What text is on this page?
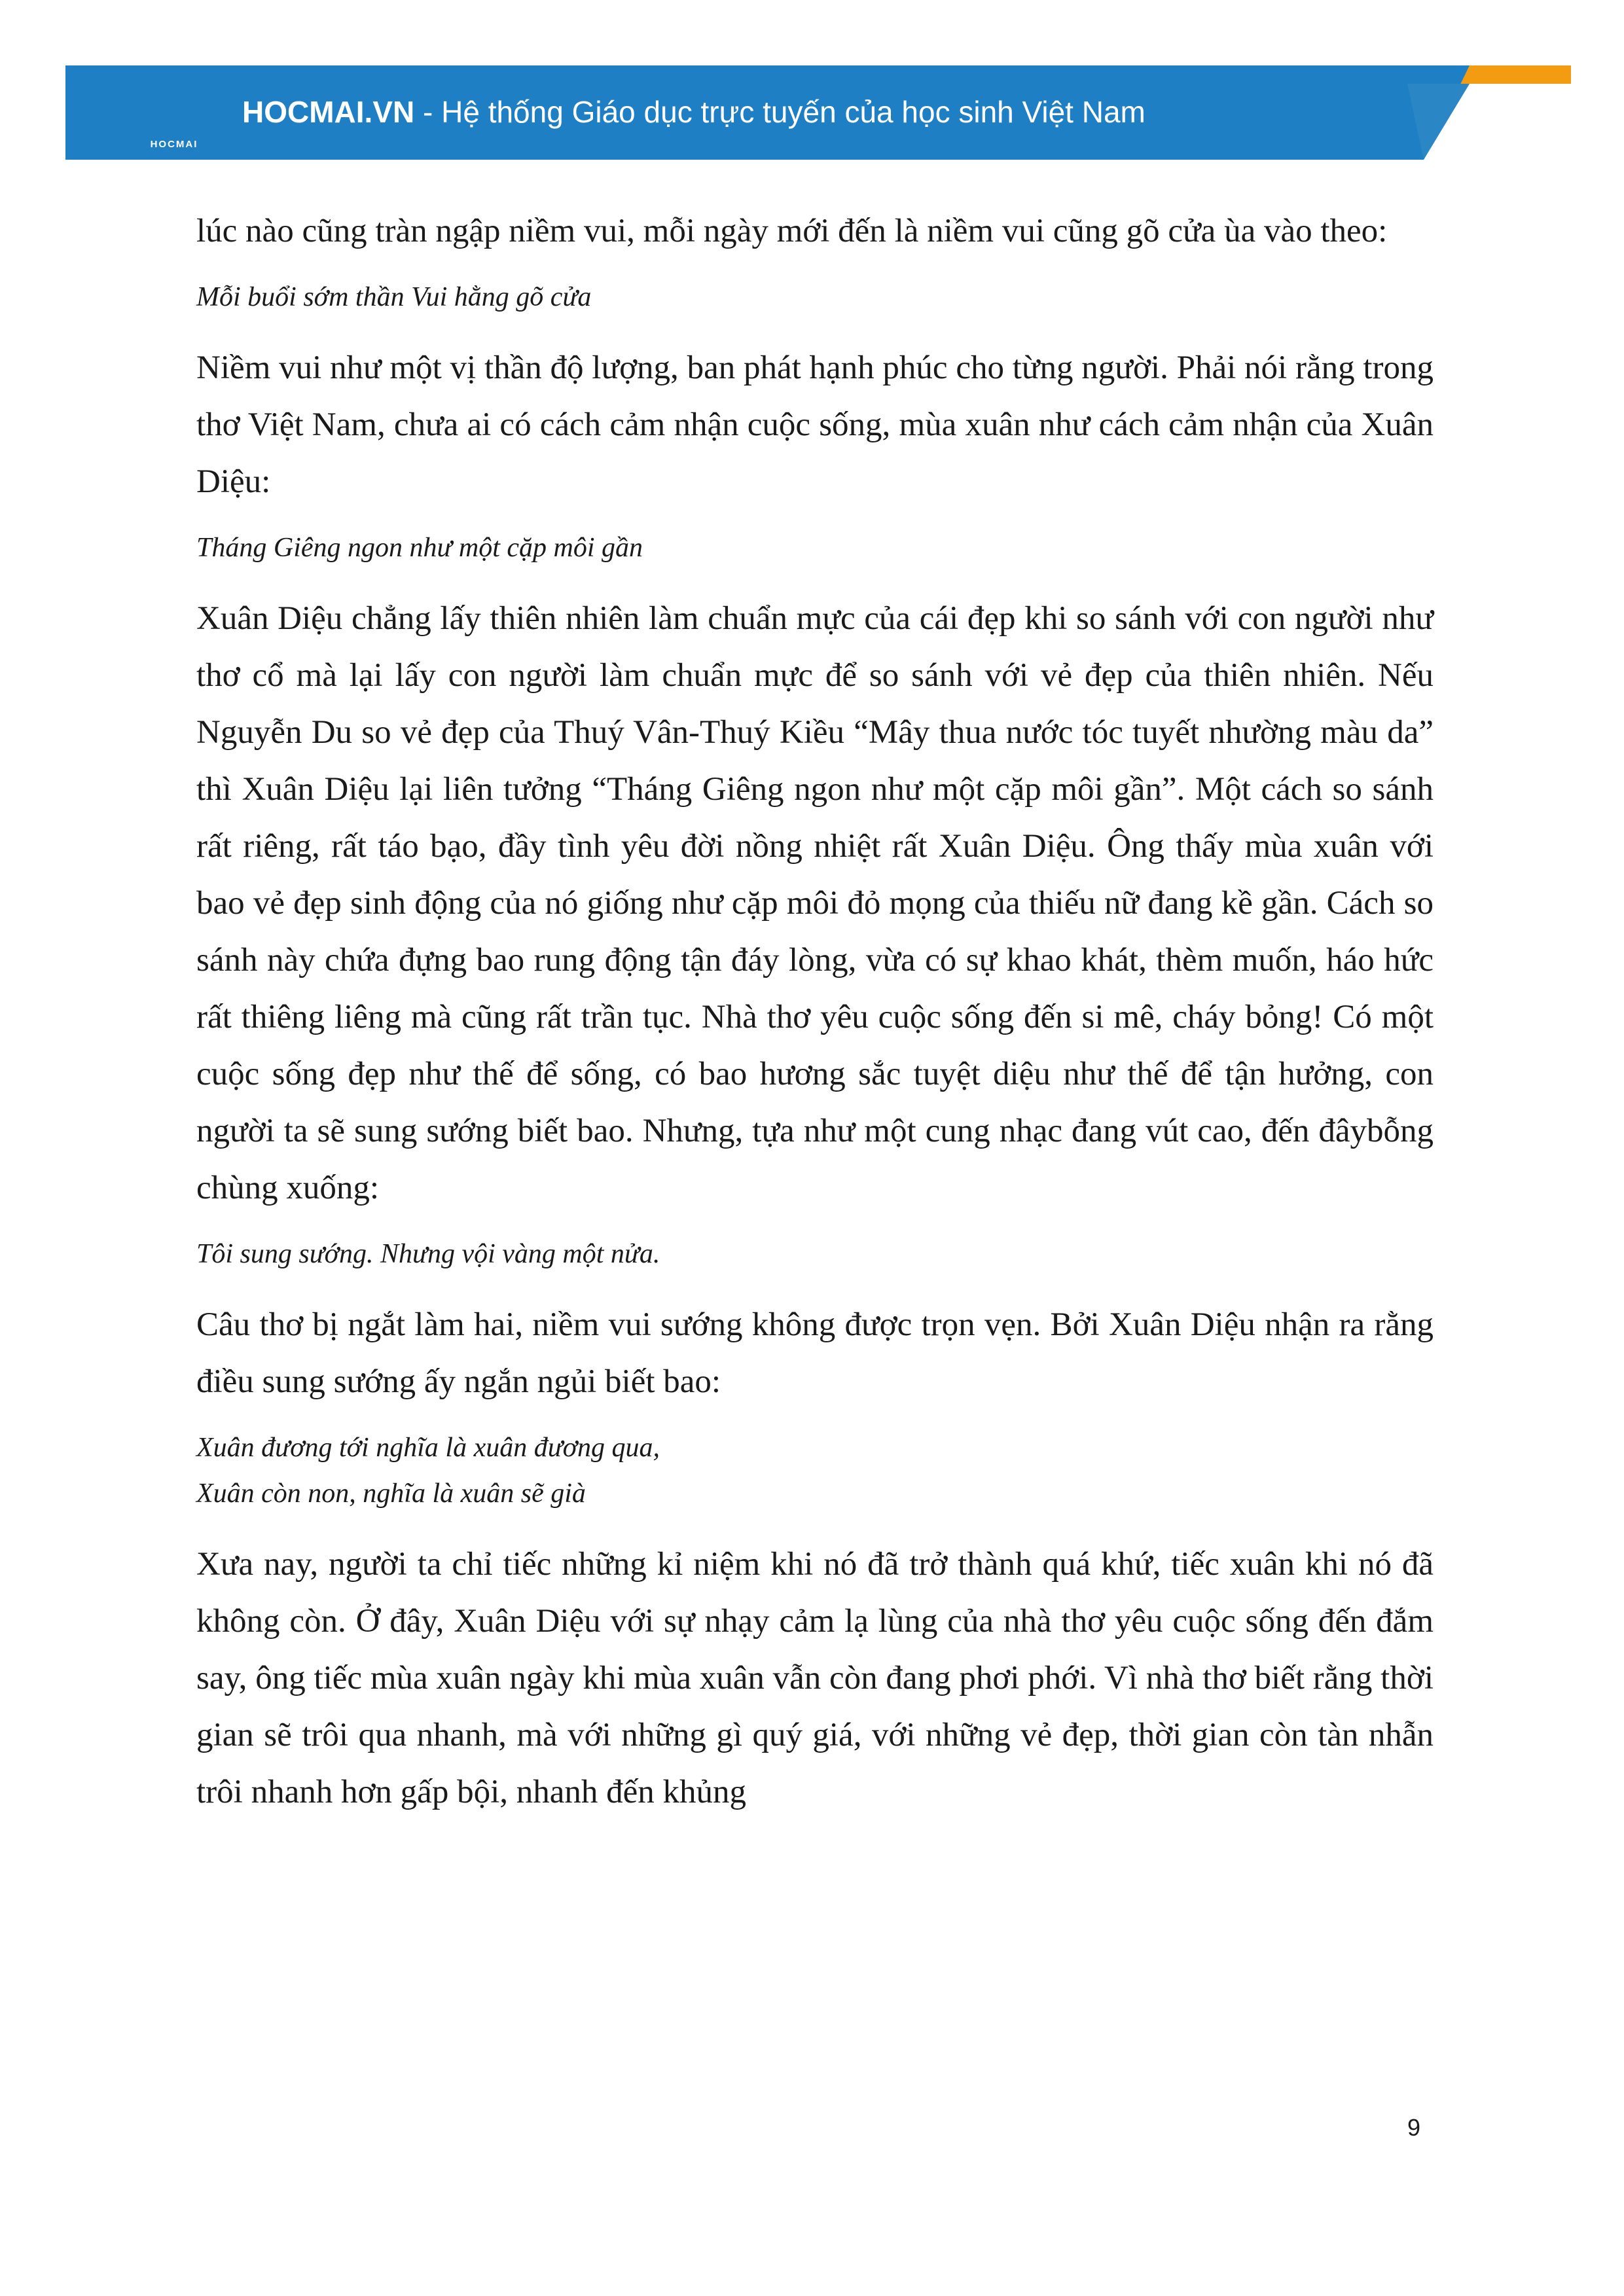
HOCMAI
HOCMAI.VN - Hệ thống Giáo dục trực tuyến của học sinh Việt Nam

lúc nào cũng tràn ngập niềm vui, mỗi ngày mới đến là niềm vui cũng gõ cửa ùa vào theo:

Mỗi buổi sớm thần Vui hằng gõ cửa

Niềm vui như một vị thần độ lượng, ban phát hạnh phúc cho từng người. Phải nói rằng trong thơ Việt Nam, chưa ai có cách cảm nhận cuộc sống, mùa xuân như cách cảm nhận của Xuân Diệu:

Tháng Giêng ngon như một cặp môi gần

Xuân Diệu chẳng lấy thiên nhiên làm chuẩn mực của cái đẹp khi so sánh với con người như thơ cổ mà lại lấy con người làm chuẩn mực để so sánh với vẻ đẹp của thiên nhiên. Nếu Nguyễn Du so vẻ đẹp của Thuý Vân-Thuý Kiều “Mây thua nước tóc tuyết nhường màu da” thì Xuân Diệu lại liên tưởng “Tháng Giêng ngon như một cặp môi gần”. Một cách so sánh rất riêng, rất táo bạo, đầy tình yêu đời nồng nhiệt rất Xuân Diệu. Ông thấy mùa xuân với bao vẻ đẹp sinh động của nó giống như cặp môi đỏ mọng của thiếu nữ đang kề gần. Cách so sánh này chứa đựng bao rung động tận đáy lòng, vừa có sự khao khát, thèm muốn, háo hức rất thiêng liêng mà cũng rất trần tục. Nhà thơ yêu cuộc sống đến si mê, cháy bỏng! Có một cuộc sống đẹp như thế để sống, có bao hương sắc tuyệt diệu như thế để tận hưởng, con người ta sẽ sung sướng biết bao. Nhưng, tựa như một cung nhạc đang vút cao, đến đâybỗng chùng xuống:

Tôi sung sướng. Nhưng vội vàng một nửa.

Câu thơ bị ngắt làm hai, niềm vui sướng không được trọn vẹn. Bởi Xuân Diệu nhận ra rằng điều sung sướng ấy ngắn ngủi biết bao:

Xuân đương tới nghĩa là xuân đương qua,

Xuân còn non, nghĩa là xuân sẽ già

Xưa nay, người ta chỉ tiếc những kỉ niệm khi nó đã trở thành quá khứ, tiếc xuân khi nó đã không còn. Ở đây, Xuân Diệu với sự nhạy cảm lạ lùng của nhà thơ yêu cuộc sống đến đắm say, ông tiếc mùa xuân ngày khi mùa xuân vẫn còn đang phơi phới. Vì nhà thơ biết rằng thời gian sẽ trôi qua nhanh, mà với những gì quý giá, với những vẻ đẹp, thời gian còn tàn nhẫn trôi nhanh hơn gấp bội, nhanh đến khủng

9
